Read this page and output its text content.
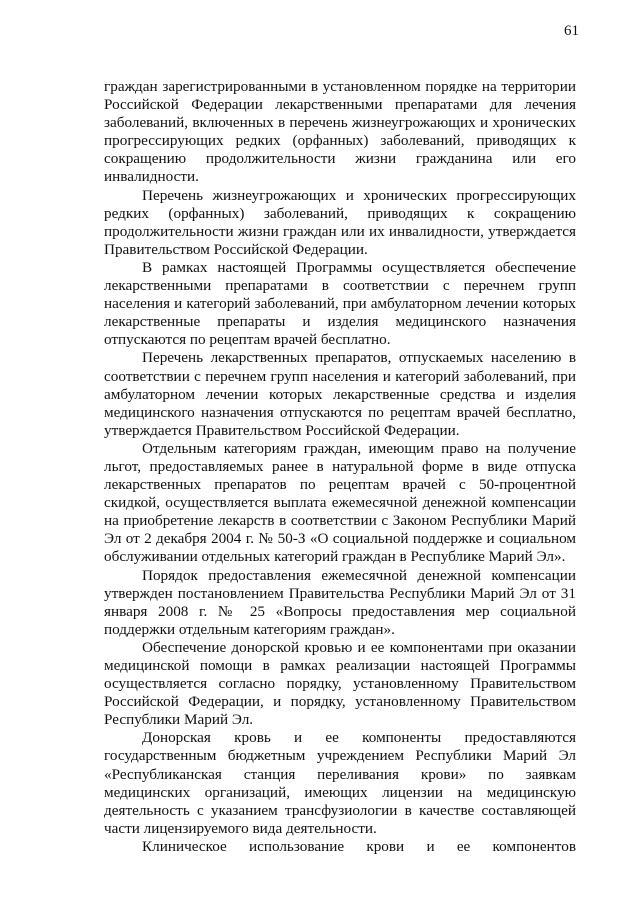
61

граждан зарегистрированными в установленном порядке на территории Российской Федерации лекарственными препаратами для лечения заболеваний, включенных в перечень жизнеугрожающих и хронических прогрессирующих редких (орфанных) заболеваний, приводящих к сокращению продолжительности жизни гражданина или его инвалидности.

Перечень жизнеугрожающих и хронических прогрессирующих редких (орфанных) заболеваний, приводящих к сокращению продолжительности жизни граждан или их инвалидности, утверждается Правительством Российской Федерации.

В рамках настоящей Программы осуществляется обеспечение лекарственными препаратами в соответствии с перечнем групп населения и категорий заболеваний, при амбулаторном лечении которых лекарственные препараты и изделия медицинского назначения отпускаются по рецептам врачей бесплатно.

Перечень лекарственных препаратов, отпускаемых населению в соответствии с перечнем групп населения и категорий заболеваний, при амбулаторном лечении которых лекарственные средства и изделия медицинского назначения отпускаются по рецептам врачей бесплатно, утверждается Правительством Российской Федерации.

Отдельным категориям граждан, имеющим право на получение льгот, предоставляемых ранее в натуральной форме в виде отпуска лекарственных препаратов по рецептам врачей с 50-процентной скидкой, осуществляется выплата ежемесячной денежной компенсации на приобретение лекарств в соответствии с Законом Республики Марий Эл от 2 декабря 2004 г. № 50-З «О социальной поддержке и социальном обслуживании отдельных категорий граждан в Республике Марий Эл».

Порядок предоставления ежемесячной денежной компенсации утвержден постановлением Правительства Республики Марий Эл от 31 января 2008 г. № 25 «Вопросы предоставления мер социальной поддержки отдельным категориям граждан».

Обеспечение донорской кровью и ее компонентами при оказании медицинской помощи в рамках реализации настоящей Программы осуществляется согласно порядку, установленному Правительством Российской Федерации, и порядку, установленному Правительством Республики Марий Эл.

Донорская кровь и ее компоненты предоставляются государственным бюджетным учреждением Республики Марий Эл «Республиканская станция переливания крови» по заявкам медицинских организаций, имеющих лицензии на медицинскую деятельность с указанием трансфузиологии в качестве составляющей части лицензируемого вида деятельности.

Клиническое использование крови и ее компонентов
